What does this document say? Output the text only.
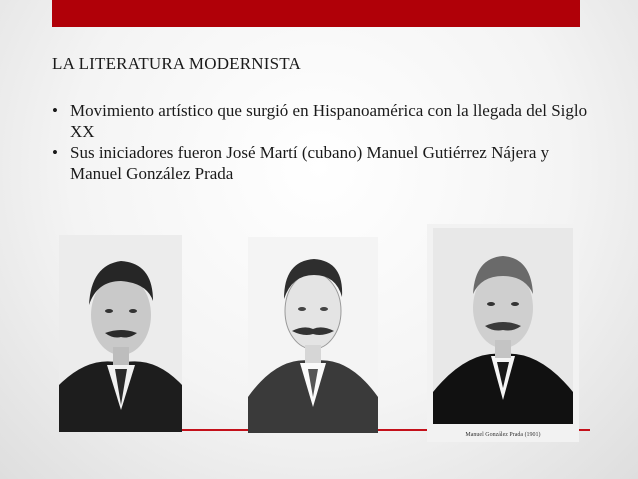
LA LITERATURA MODERNISTA
• Movimiento artístico que surgió en Hispanoamérica con la llegada del Siglo XX
• Sus iniciadores fueron José Martí (cubano) Manuel Gutiérrez Nájera y Manuel González Prada
Manuel González Prada (1901)
